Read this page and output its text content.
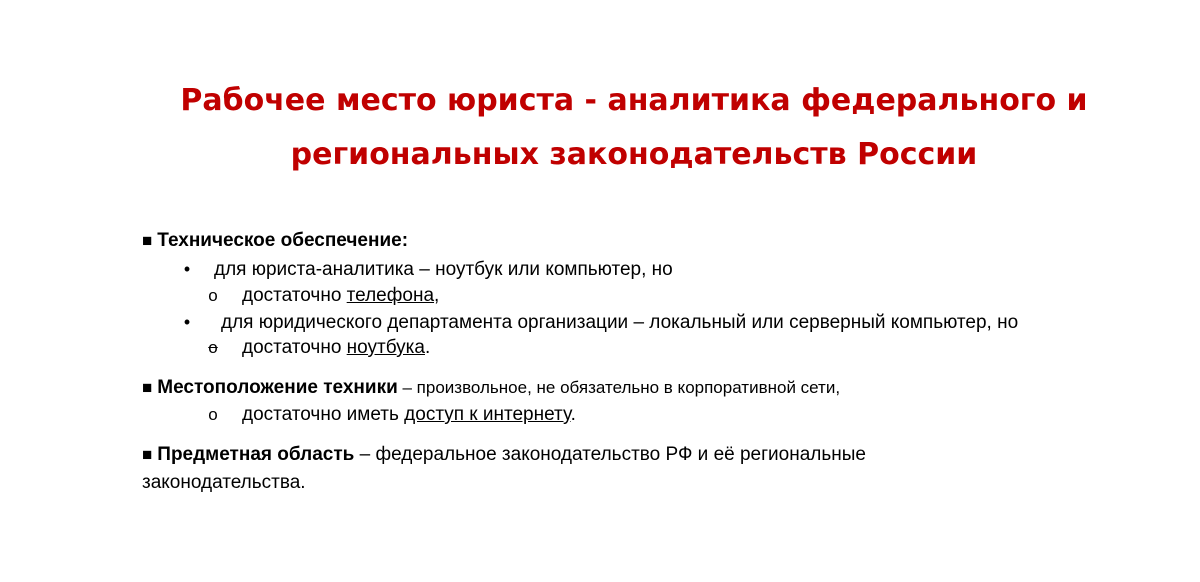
Рабочее место юриста - аналитика федерального и
региональных законодательств России
■ Техническое обеспечение:
• для юриста-аналитика – ноутбук или компьютер, но
o достаточно телефона,
• для юридического департамента организации – локальный или серверный компьютер, но
o достаточно ноутбука.
■ Местоположение техники – произвольное, не обязательно в корпоративной сети,
o достаточно иметь доступ к интернету.
■ Предметная область – федеральное законодательство РФ и её региональные
законодательства.
